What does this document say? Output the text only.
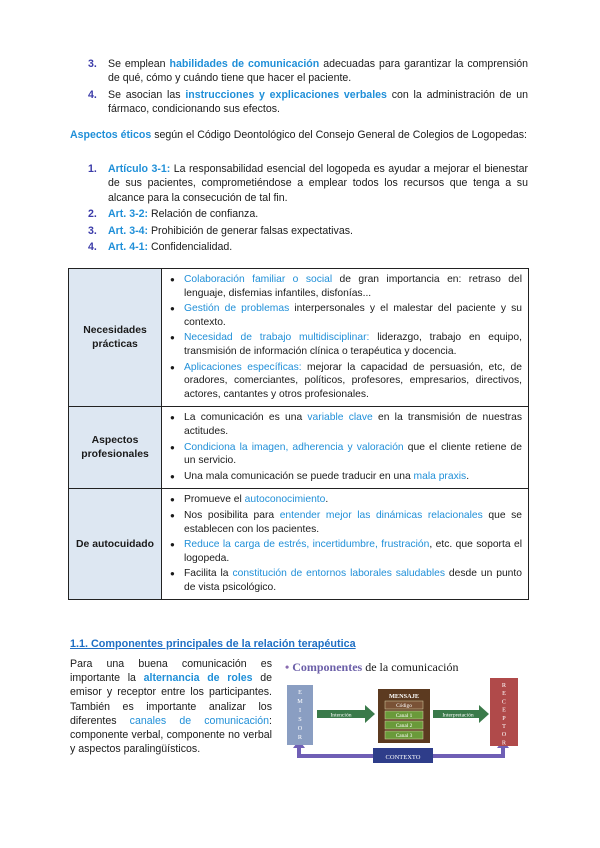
3. Se emplean habilidades de comunicación adecuadas para garantizar la comprensión de qué, cómo y cuándo tiene que hacer el paciente.
4. Se asocian las instrucciones y explicaciones verbales con la administración de un fármaco, condicionando sus efectos.
Aspectos éticos según el Código Deontológico del Consejo General de Colegios de Logopedas:
1. Artículo 3-1: La responsabilidad esencial del logopeda es ayudar a mejorar el bienestar de sus pacientes, comprometiéndose a emplear todos los recursos que tenga a su alcance para la consecución de tal fin.
2. Art. 3-2: Relación de confianza.
3. Art. 3-4: Prohibición de generar falsas expectativas.
4. Art. 4-1: Confidencialidad.
Necesidades prácticas	● Colaboración familiar o social de gran importancia en: retraso del lenguaje, disfemias infantiles, disfonías...
● Gestión de problemas interpersonales y el malestar del paciente y su contexto.
● Necesidad de trabajo multidisciplinar: liderazgo, trabajo en equipo, transmisión de información clínica o terapéutica y docencia.
● Aplicaciones específicas: mejorar la capacidad de persuasión, etc, de oradores, comerciantes, políticos, profesores, empresarios, directivos, actores, cantantes y otros profesionales.

Aspectos profesionales	● La comunicación es una variable clave en la transmisión de nuestras actitudes.
● Condiciona la imagen, adherencia y valoración que el cliente retiene de un servicio.
● Una mala comunicación se puede traducir en una mala praxis.

De autocuidado	● Promueve el autoconocimiento.
● Nos posibilita para entender mejor las dinámicas relacionales que se establecen con los pacientes.
● Reduce la carga de estrés, incertidumbre, frustración, etc. que soporta el logopeda.
● Facilita la constitución de entornos laborales saludables desde un punto de vista psicológico.
1.1. Componentes principales de la relación terapéutica
Para una buena comunicación es importante la alternancia de roles de emisor y receptor entre los participantes. También es importante analizar los diferentes canales de comunicación: componente verbal, componente no verbal y aspectos paralingüísticos.
• Componentes de la comunicación
CONTEXTO
E
M
I
S
O
R
R
E
C
E
P
T
O
R
Intención	Interpretación
MENSAJE
Código
Canal 1
Canal 2
Canal 3
